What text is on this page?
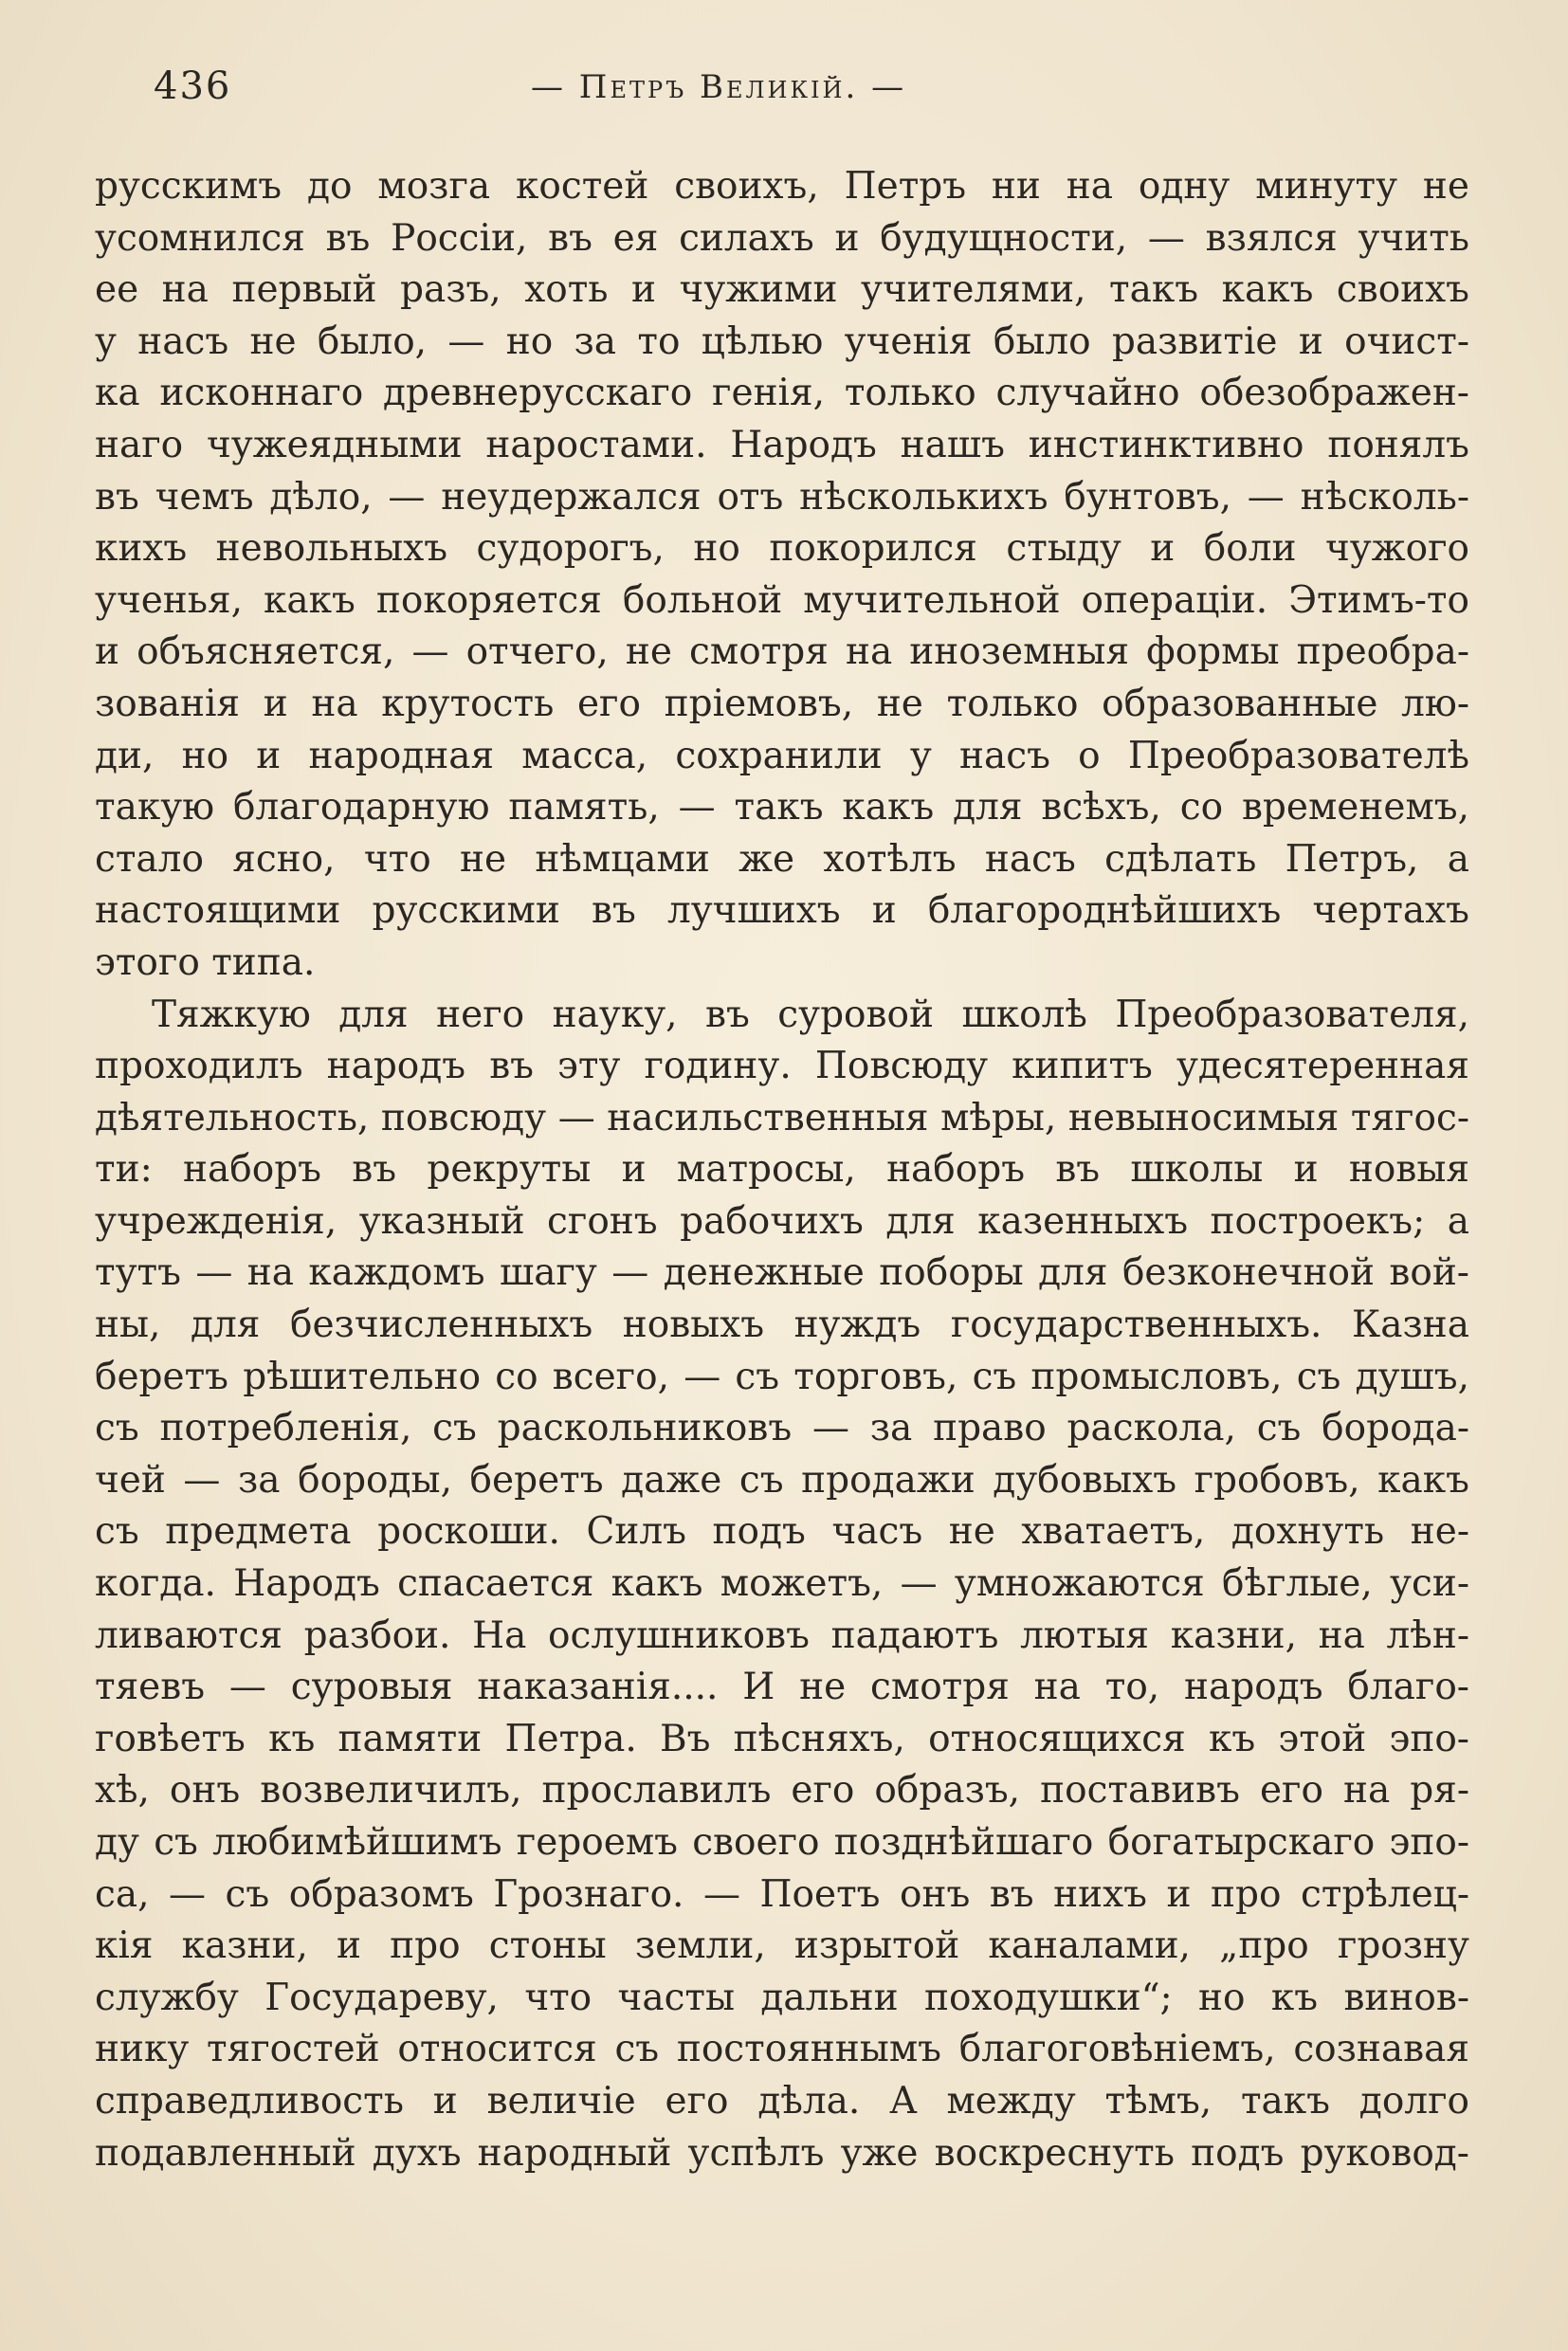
436	— Петръ Великій. —
русскимъ до мозга костей своихъ, Петръ ни на одну минуту не
усомнился въ Россіи, въ ея силахъ и будущности, — взялся учить
ее на первый разъ, хоть и чужими учителями, такъ какъ своихъ
у насъ не было, — но за то цѣлью ученія было развитіе и очист-
ка исконнаго древнерусскаго генія, только случайно обезображен-
наго чужеядными наростами. Народъ нашъ инстинктивно понялъ
въ чемъ дѣло, — неудержался отъ нѣсколькихъ бунтовъ, — нѣсколь-
кихъ невольныхъ судорогъ, но покорился стыду и боли чужого
ученья, какъ покоряется больной мучительной операціи. Этимъ-то
и объясняется, — отчего, не смотря на иноземныя формы преобра-
зованія и на крутость его пріемовъ, не только образованные лю-
ди, но и народная масса, сохранили у насъ о Преобразователѣ
такую благодарную память, — такъ какъ для всѣхъ, со временемъ,
стало ясно, что не нѣмцами же хотѣлъ насъ сдѣлать Петръ, а
настоящими русскими въ лучшихъ и благороднѣйшихъ чертахъ
этого типа.
Тяжкую для него науку, въ суровой школѣ Преобразователя,
проходилъ народъ въ эту годину. Повсюду кипитъ удесятеренная
дѣятельность, повсюду — насильственныя мѣры, невыносимыя тягос-
ти: наборъ въ рекруты и матросы, наборъ въ школы и новыя
учрежденія, указный сгонъ рабочихъ для казенныхъ построекъ; а
тутъ — на каждомъ шагу — денежные поборы для безконечной вой-
ны, для безчисленныхъ новыхъ нуждъ государственныхъ. Казна
беретъ рѣшительно со всего, — съ торговъ, съ промысловъ, съ душъ,
съ потребленія, съ раскольниковъ — за право раскола, съ борода-
чей — за бороды, беретъ даже съ продажи дубовыхъ гробовъ, какъ
съ предмета роскоши. Силъ подъ часъ не хватаетъ, дохнуть не-
когда. Народъ спасается какъ можетъ, — умножаются бѣглые, уси-
ливаются разбои. На ослушниковъ падаютъ лютыя казни, на лѣн-
тяевъ — суровыя наказанія.... И не смотря на то, народъ благо-
говѣетъ къ памяти Петра. Въ пѣсняхъ, относящихся къ этой эпо-
хѣ, онъ возвеличилъ, прославилъ его образъ, поставивъ его на ря-
ду съ любимѣйшимъ героемъ своего позднѣйшаго богатырскаго эпо-
са, — съ образомъ Грознаго. — Поетъ онъ въ нихъ и про стрѣлец-
кія казни, и про стоны земли, изрытой каналами, „про грозну
службу Государеву, что часты дальни походушки“; но къ винов-
нику тягостей относится съ постояннымъ благоговѣніемъ, сознавая
справедливость и величіе его дѣла. А между тѣмъ, такъ долго
подавленный духъ народный успѣлъ уже воскреснуть подъ руковод-
